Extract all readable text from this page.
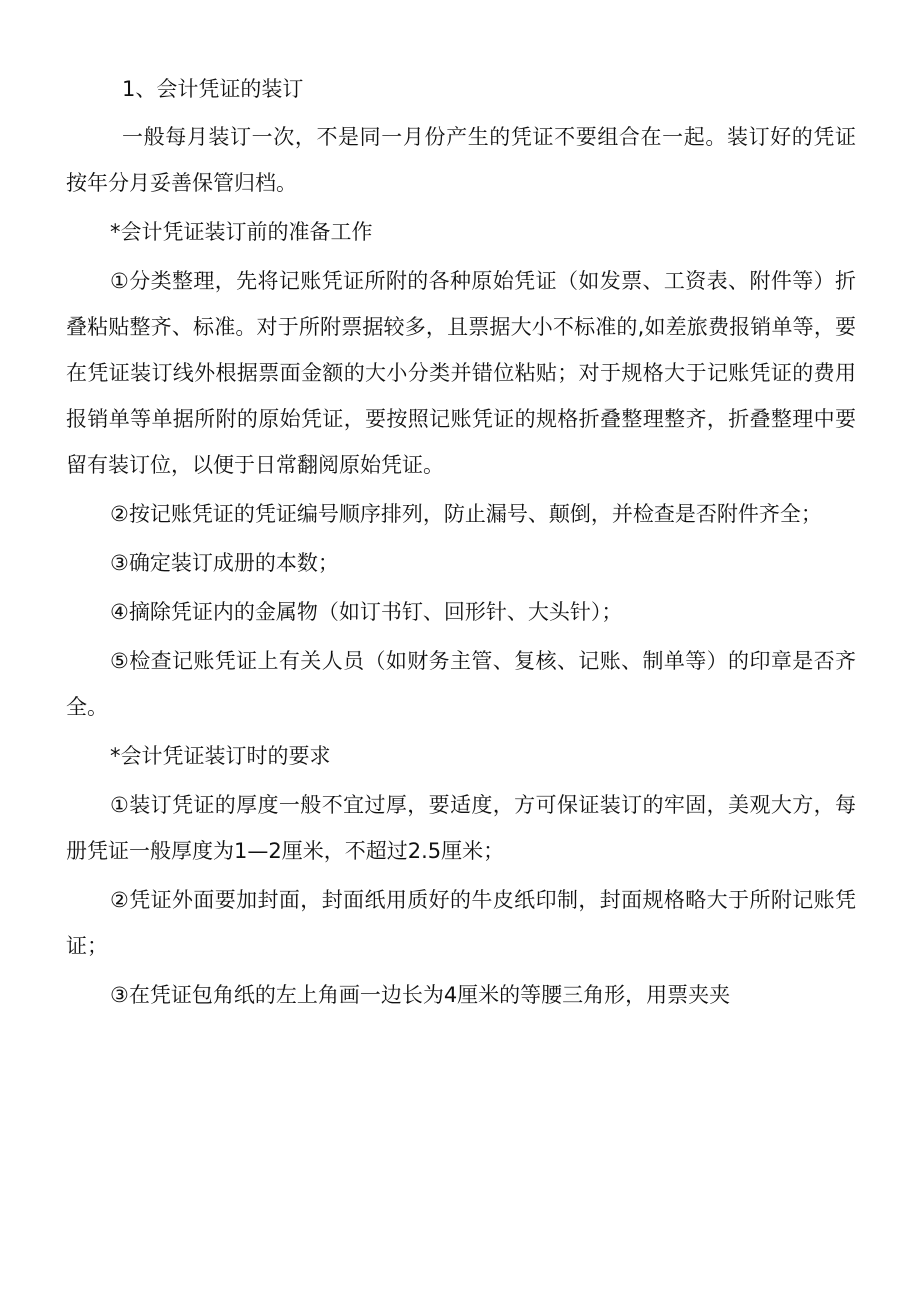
1、会计凭证的装订

一般每月装订一次，不是同一月份产生的凭证不要组合在一起。装订好的凭证按年分月妥善保管归档。

*会计凭证装订前的准备工作

①分类整理，先将记账凭证所附的各种原始凭证（如发票、工资表、附件等）折叠粘贴整齐、标准。对于所附票据较多，且票据大小不标准的,如差旅费报销单等，要在凭证装订线外根据票面金额的大小分类并错位粘贴；对于规格大于记账凭证的费用报销单等单据所附的原始凭证，要按照记账凭证的规格折叠整理整齐，折叠整理中要留有装订位，以便于日常翻阅原始凭证。

②按记账凭证的凭证编号顺序排列，防止漏号、颠倒，并检查是否附件齐全；

③确定装订成册的本数；

④摘除凭证内的金属物（如订书钉、回形针、大头针）；

⑤检查记账凭证上有关人员（如财务主管、复核、记账、制单等）的印章是否齐全。

*会计凭证装订时的要求

①装订凭证的厚度一般不宜过厚，要适度，方可保证装订的牢固，美观大方，每册凭证一般厚度为1—2厘米，不超过2.5厘米；

②凭证外面要加封面，封面纸用质好的牛皮纸印制，封面规格略大于所附记账凭证；

③在凭证包角纸的左上角画一边长为4厘米的等腰三角形，用票夹夹
